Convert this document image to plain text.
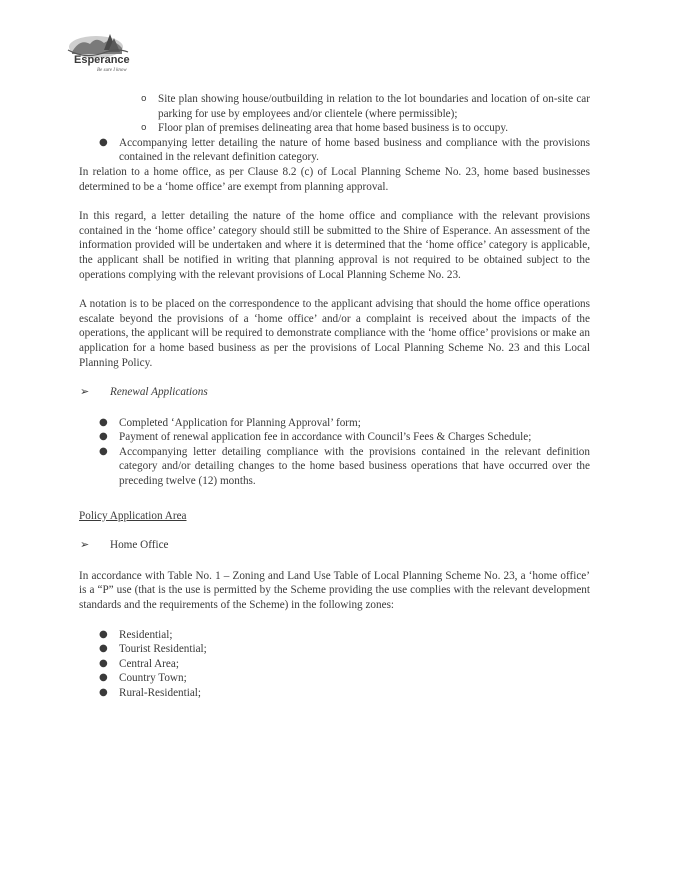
Esperance
Be sure I know
o Site plan showing house/outbuilding in relation to the lot boundaries and location of on-site car parking for use by employees and/or clientele (where permissible);
o Floor plan of premises delineating area that home based business is to occupy.
● Accompanying letter detailing the nature of home based business and compliance with the provisions contained in the relevant definition category.

In relation to a home office, as per Clause 8.2 (c) of Local Planning Scheme No. 23, home based businesses determined to be a ‘home office’ are exempt from planning approval.

In this regard, a letter detailing the nature of the home office and compliance with the relevant provisions contained in the ‘home office’ category should still be submitted to the Shire of Esperance. An assessment of the information provided will be undertaken and where it is determined that the ‘home office’ category is applicable, the applicant shall be notified in writing that planning approval is not required to be obtained subject to the operations complying with the relevant provisions of Local Planning Scheme No. 23.

A notation is to be placed on the correspondence to the applicant advising that should the home office operations escalate beyond the provisions of a ‘home office’ and/or a complaint is received about the impacts of the operations, the applicant will be required to demonstrate compliance with the ‘home office’ provisions or make an application for a home based business as per the provisions of Local Planning Scheme No. 23 and this Local Planning Policy.

➢ Renewal Applications
● Completed ‘Application for Planning Approval’ form;
● Payment of renewal application fee in accordance with Council’s Fees & Charges Schedule;
● Accompanying letter detailing compliance with the provisions contained in the relevant definition category and/or detailing changes to the home based business operations that have occurred over the preceding twelve (12) months.

Policy Application Area

➢ Home Office

In accordance with Table No. 1 – Zoning and Land Use Table of Local Planning Scheme No. 23, a ‘home office’ is a “P” use (that is the use is permitted by the Scheme providing the use complies with the relevant development standards and the requirements of the Scheme) in the following zones:

● Residential;
● Tourist Residential;
● Central Area;
● Country Town;
● Rural-Residential;
